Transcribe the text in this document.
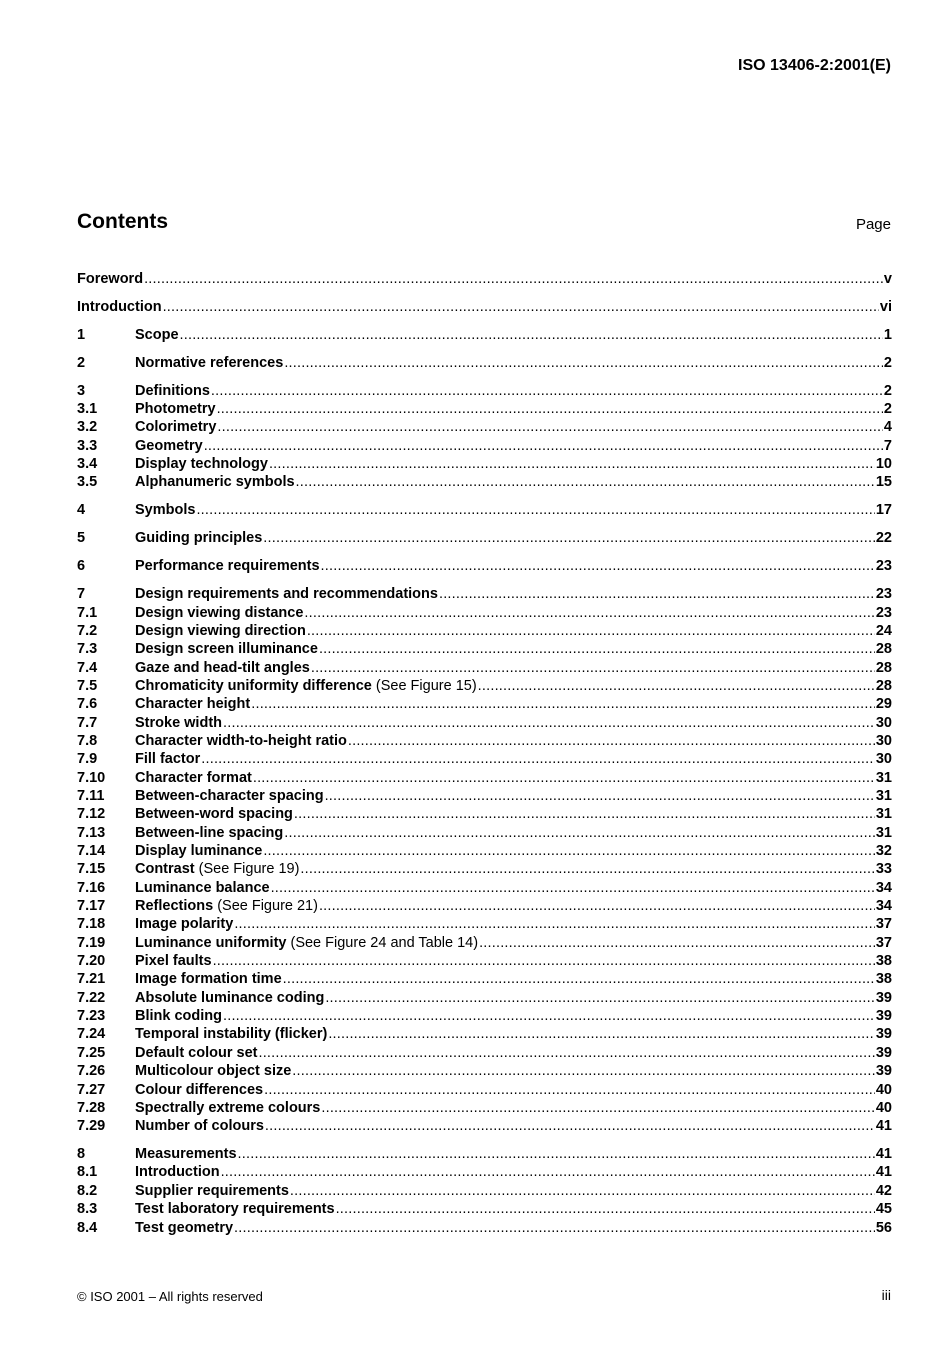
ISO 13406-2:2001(E)
Contents	Page
Foreword .....	v
Introduction .....	vi
1	Scope .....	1
2	Normative references .....	2
3	Definitions .....	2
3.1	Photometry .....	2
3.2	Colorimetry .....	4
3.3	Geometry .....	7
3.4	Display technology .....	10
3.5	Alphanumeric symbols .....	15
4	Symbols .....	17
5	Guiding principles .....	22
6	Performance requirements .....	23
7	Design requirements and recommendations .....	23
7.1	Design viewing distance .....	23
7.2	Design viewing direction .....	24
7.3	Design screen illuminance .....	28
7.4	Gaze and head-tilt angles .....	28
7.5	Chromaticity uniformity difference (See Figure 15) .....	28
7.6	Character height .....	29
7.7	Stroke width .....	30
7.8	Character width-to-height ratio .....	30
7.9	Fill factor .....	30
7.10	Character format .....	31
7.11	Between-character spacing .....	31
7.12	Between-word spacing .....	31
7.13	Between-line spacing .....	31
7.14	Display luminance .....	32
7.15	Contrast (See Figure 19) .....	33
7.16	Luminance balance .....	34
7.17	Reflections (See Figure 21) .....	34
7.18	Image polarity .....	37
7.19	Luminance uniformity (See Figure 24 and Table 14) .....	37
7.20	Pixel faults .....	38
7.21	Image formation time .....	38
7.22	Absolute luminance coding .....	39
7.23	Blink coding .....	39
7.24	Temporal instability (flicker) .....	39
7.25	Default colour set .....	39
7.26	Multicolour object size .....	39
7.27	Colour differences .....	40
7.28	Spectrally extreme colours .....	40
7.29	Number of colours .....	41
8	Measurements .....	41
8.1	Introduction .....	41
8.2	Supplier requirements .....	42
8.3	Test laboratory requirements .....	45
8.4	Test geometry .....	56
© ISO 2001 – All rights reserved	iii
